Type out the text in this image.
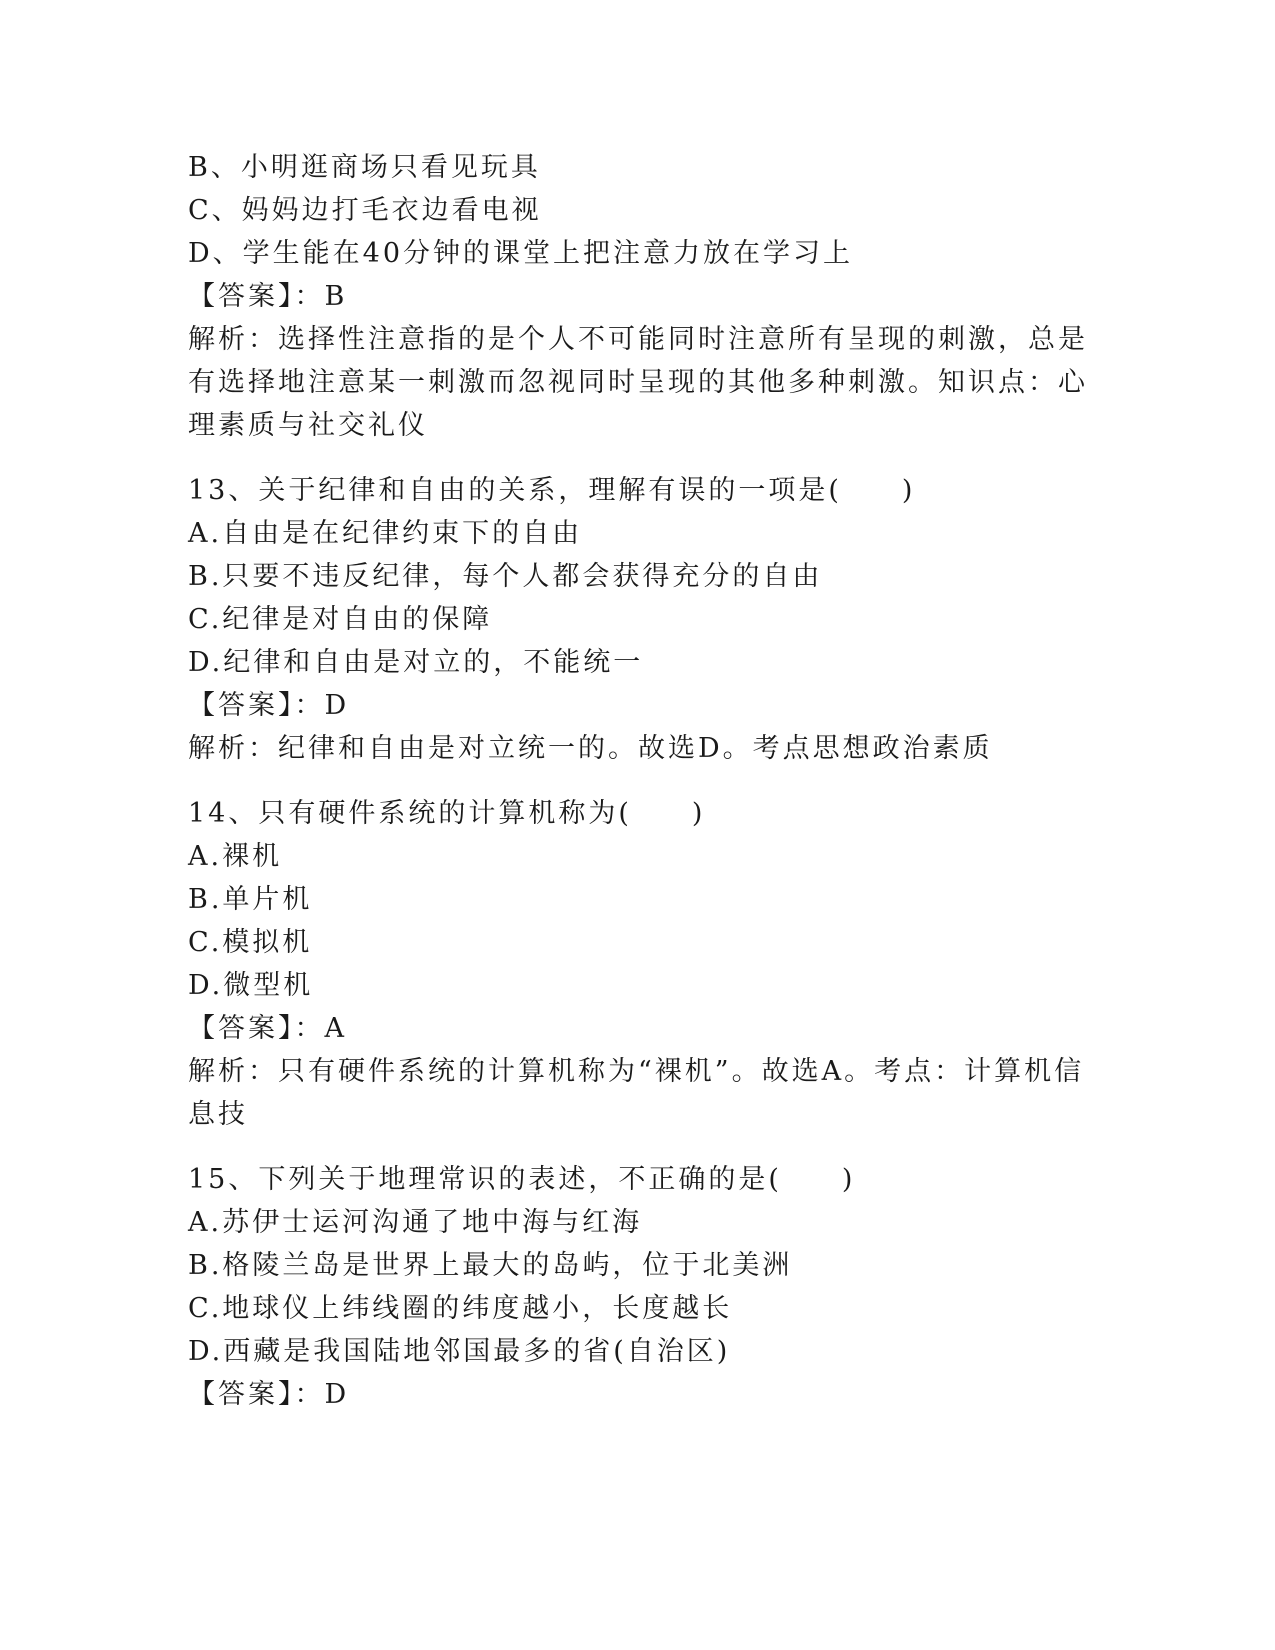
B、小明逛商场只看见玩具
C、妈妈边打毛衣边看电视
D、学生能在40分钟的课堂上把注意力放在学习上
【答案】：B
解析：选择性注意指的是个人不可能同时注意所有呈现的刺激，总是
有选择地注意某一刺激而忽视同时呈现的其他多种刺激。知识点：心
理素质与社交礼仪
13、关于纪律和自由的关系，理解有误的一项是(　　)
A.自由是在纪律约束下的自由
B.只要不违反纪律，每个人都会获得充分的自由
C.纪律是对自由的保障
D.纪律和自由是对立的，不能统一
【答案】：D
解析：纪律和自由是对立统一的。故选D。考点思想政治素质
14、只有硬件系统的计算机称为(　　)
A.裸机
B.单片机
C.模拟机
D.微型机
【答案】：A
解析：只有硬件系统的计算机称为“裸机”。故选A。考点：计算机信
息技
15、下列关于地理常识的表述，不正确的是(　　)
A.苏伊士运河沟通了地中海与红海
B.格陵兰岛是世界上最大的岛屿，位于北美洲
C.地球仪上纬线圈的纬度越小，长度越长
D.西藏是我国陆地邻国最多的省(自治区)
【答案】：D
